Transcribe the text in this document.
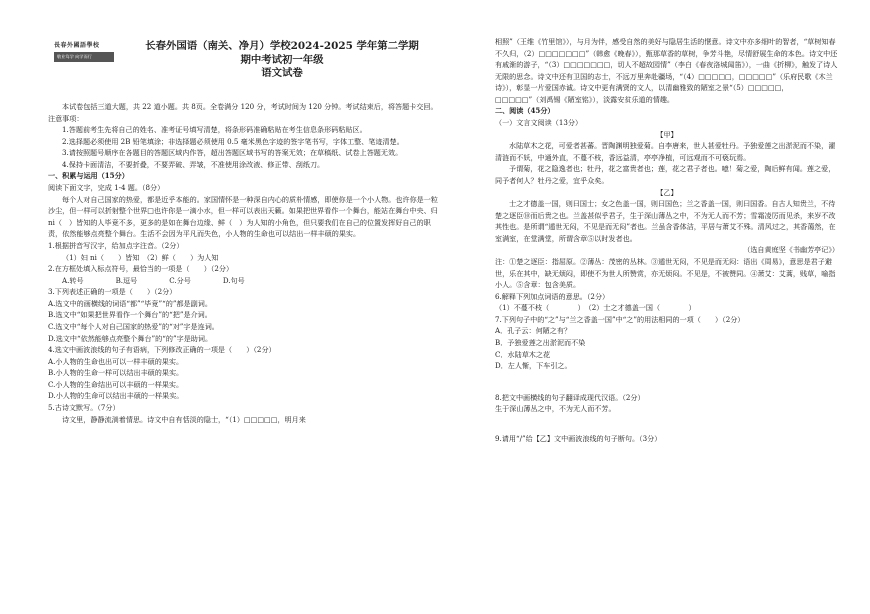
長春外國語學校
敬业笃学 向学而行
长春外国语（南关、净月）学校2024-2025 学年第二学期
期中考试初一年级
语文试卷

本试卷包括三道大题，共 22 道小题。共 8页。全卷满分 120 分，考试时间为 120 分钟。考试结束后，将答题卡交回。

注意事项：

1.答题前考生先将自己的姓名、准考证号填写清楚，将条形码准确粘贴在考生信息条形码粘贴区。

2.选择题必须使用 2B 铅笔填涂；非选择题必须使用 0.5 毫米黑色字迹的签字笔书写，字体工整、笔迹清楚。

3.请按照题号顺序在各题目的答题区域内作答，超出答题区域书写的答案无效；在草稿纸、试卷上答题无效。

4.保持卡面清洁，不要折叠，不要弄破、弄皱，不准使用涂改液、修正带、刮纸刀。

一、积累与运用（15分）

阅读下面文字，完成 1-4 题。（8分）

每个人对自己国家的热爱，都是近乎本能的。家国情怀是一种深自内心的质朴情感，即使你是一个小人物。也许你是一粒沙尘，但一样可以折射整个世界□也许你是一滴小水，但一样可以表出天籁。如果把世界看作一个舞台，能站在舞台中央、归ni（　）皆知的人毕竟不多，更多的是如在舞台边缘、鲜（　）为人知的小角色，但只要我们在自己的位置发挥好自己的职责，依然能够点亮整个舞台。生活不会因为平凡而失色，小人物的生命也可以结出一样丰硕的果实。

1.根据拼音写汉字，给加点字注音。（2分）

（1）妇 ni（　　）皆知　（2）鲜（　　）为人知

2.在方框处填入标点符号，最恰当的一项是（　　）（2分）

A.转号	B.逗号	C.分号	D.句号

3.下列表述正确的一项是（　　）（2分）

A.选文中的画横线的词语“都”“毕竟”“的”都是副词。

B.选文中“如果把世界看作一个舞台”的“把”是介词。

C.选文中“每个人对自己国家的热爱”的“对”字是连词。

D.选文中“依然能够点亮整个舞台”的“的”字是助词。

4.选文中画波浪线的句子有语病，下列修改正确的一项是（　　）（2分）

A.小人物的生命也出可以一样丰硕的果实。

B.小人物的生命一样可以结出丰硕的果实。

C.小人物的生命结出可以丰硕的一样果实。

D.小人物的生命可以结出丰硕的一样果实。

5.古诗文默写。（7分）

诗文里，静静流淌着情思。诗文中自有恬淡的隐士，“（1）□□□□□，明月来

相照”（王维《竹里馆》），与月为伴，感受自然的美好与隐居生活的惬意。诗文中亦多细叶的智者，“草树知春不久归，（2）□□□□□□□”（韩愈《晚春》），甄那草香的草树，争芳斗艳，尽情舒展生命的本色。诗文中还有戚渐的游子，“（3）□□□□□□□，切人不超故园情”（李白《春夜洛城闻笛》），一曲《折柳》，触发了诗人无限的思念。诗文中还有卫国的志士，不远万里奔赴疆场，“（4）□□□□□，□□□□□”（乐府民歌《木兰诗》），彰显一片爱国赤诚。诗文中更有满贤的文人，以清幽雅致的陋室之景“（5）□□□□□，□□□□□”（刘禹锡《陋室铭》），淡露安贫乐道的情趣。

二、阅读（45分）

（一）文言文阅读（13分）

【甲】

水陆草木之花，可爱者甚蕃。晋陶渊明独爱菊。自李唐来，世人甚爱牡丹。予独爱莲之出淤泥而不染，濯清涟而不妖，中通外直，不蔓不枝，香远益清，亭亭净植，可远观而不可亵玩焉。

予谓菊，花之隐逸者也；牡丹，花之富贵者也；莲，花之君子者也。噫！菊之爱，陶后鲜有闻。莲之爱，同予者何人？牡丹之爱，宜乎众矣。

【乙】

士之才德盖一国，则曰国士；女之色盖一国，则曰国色；兰之香盖一国，则曰国香。自古人知贵兰，不待楚之逐臣⑩而后贵之也。兰盖甚似乎君子，生于深山薄丛之中，不为无人而不芳；雪霜凌厉而见杀，来岁不改其性也。是所谓“遁世无闷，不见是而无闷”者也。兰虽含香体洁，平居与萧艾不殊。清风过之，其香蔼然，在室满室，在堂满堂，所谓含章⑤以时发者也。

（选自黄庭坚《书幽芳亭记》）

注：①楚之逐臣：指屈原。②薄丛：茂密的丛林。③遁世无闷，不见是而无闷：语出《周易》，意思是君子避世，乐在其中，缺无烦闷，即使不为世人所赞赏，亦无烦闷。不见是，不被赞同。④萧艾：艾蒿，贱草，喻指小人。⑤含章：包含美质。

6.解释下列加点词语的意思。（2分）

（1）不蔓不枝（　　　　）　（2）士之才德盖一国（　　　　）

7.下列句子中的“之”与“兰之香盖一国”中“之”的用法相同的一项（　　）（2分）

A．孔子云：何陋之有？

B．予独爱莲之出淤泥而不染

C．水陆草木之花

D．左人惭，下车引之。

8.把文中画横线的句子翻译成现代汉语。（2分）

生于深山薄丛之中，不为无人而不芳。

9.请用“/”给【乙】文中画波浪线的句子断句。（3分）
